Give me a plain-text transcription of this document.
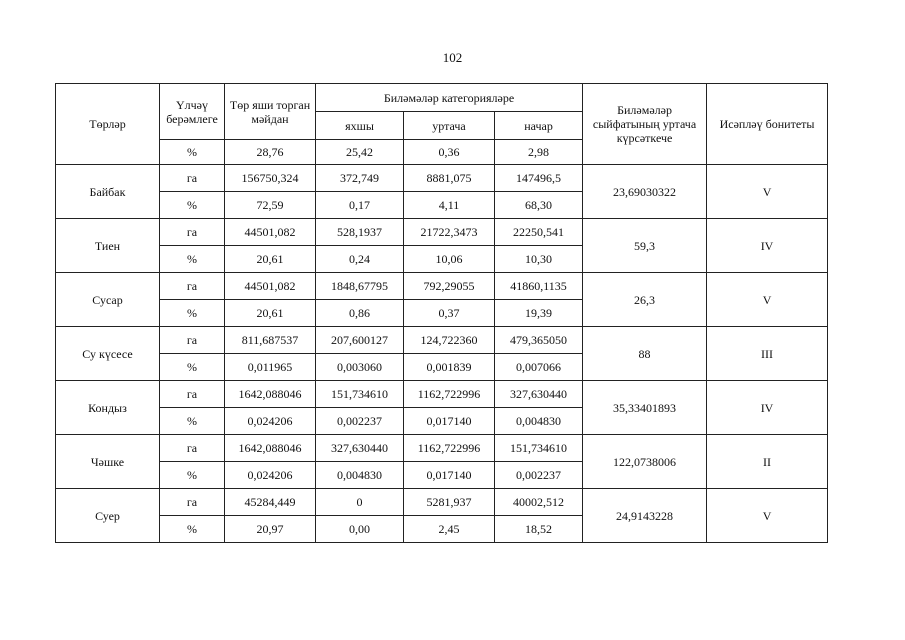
102
Төрләр	Үлчәү берәмлеге	Төр яши торган мәйдан	Биләмәләр категорияләре			Биләмәләр сыйфатының уртача күрсәткече	Исәпләү бонитеты
			яхшы	уртача	начар		
	%	28,76	25,42	0,36	2,98		
Байбак	га	156750,324	372,749	8881,075	147496,5	23,69030322	V
	%	72,59	0,17	4,11	68,30		
Тиен	га	44501,082	528,1937	21722,3473	22250,541	59,3	IV
	%	20,61	0,24	10,06	10,30		
Сусар	га	44501,082	1848,67795	792,29055	41860,1135	26,3	V
	%	20,61	0,86	0,37	19,39		
Су күсесе	га	811,687537	207,600127	124,722360	479,365050	88	III
	%	0,011965	0,003060	0,001839	0,007066		
Кондыз	га	1642,088046	151,734610	1162,722996	327,630440	35,33401893	IV
	%	0,024206	0,002237	0,017140	0,004830		
Чәшке	га	1642,088046	327,630440	1162,722996	151,734610	122,0738006	II
	%	0,024206	0,004830	0,017140	0,002237		
Суер	га	45284,449	0	5281,937	40002,512	24,9143228	V
	%	20,97	0,00	2,45	18,52		
